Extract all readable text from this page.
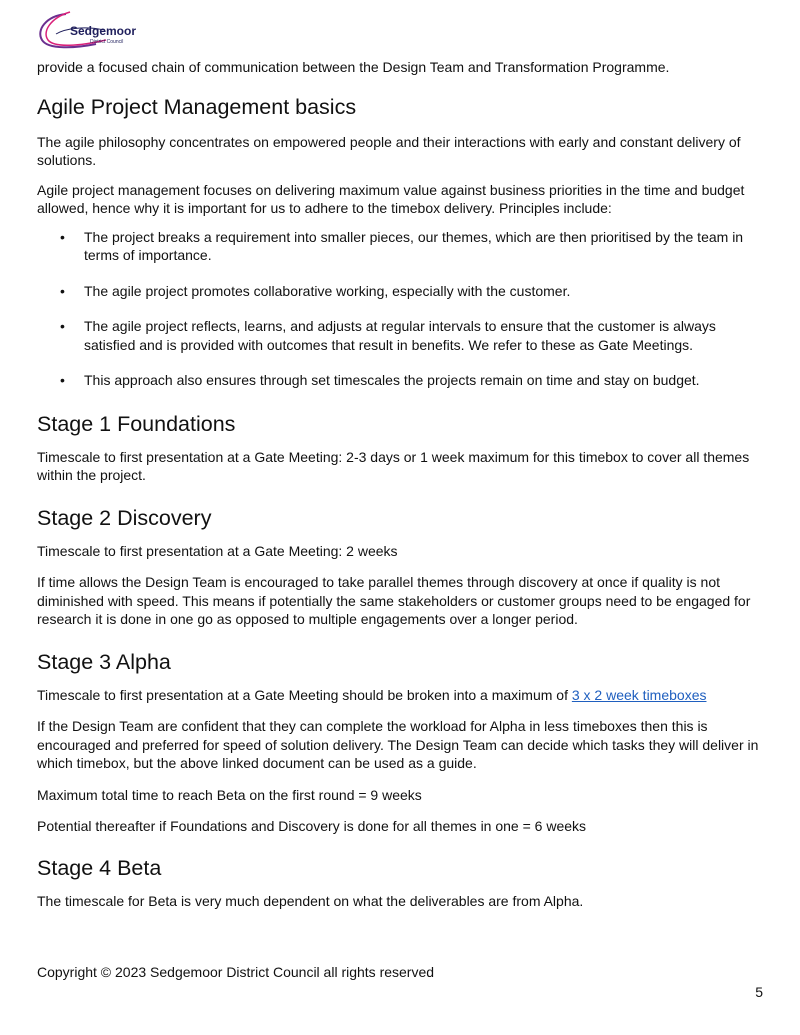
Sedgemoor
District Council

provide a focused chain of communication between the Design Team and Transformation Programme.

Agile Project Management basics

The agile philosophy concentrates on empowered people and their interactions with early and constant delivery of solutions.

Agile project management focuses on delivering maximum value against business priorities in the time and budget allowed, hence why it is important for us to adhere to the timebox delivery. Principles include:

• The project breaks a requirement into smaller pieces, our themes, which are then prioritised by the team in terms of importance.
• The agile project promotes collaborative working, especially with the customer.
• The agile project reflects, learns, and adjusts at regular intervals to ensure that the customer is always satisfied and is provided with outcomes that result in benefits. We refer to these as Gate Meetings.
• This approach also ensures through set timescales the projects remain on time and stay on budget.
Stage 1 Foundations

Timescale to first presentation at a Gate Meeting: 2-3 days or 1 week maximum for this timebox to cover all themes within the project.

Stage 2 Discovery

Timescale to first presentation at a Gate Meeting: 2 weeks

If time allows the Design Team is encouraged to take parallel themes through discovery at once if quality is not diminished with speed. This means if potentially the same stakeholders or customer groups need to be engaged for research it is done in one go as opposed to multiple engagements over a longer period.

Stage 3 Alpha

Timescale to first presentation at a Gate Meeting should be broken into a maximum of 3 x 2 week timeboxes

If the Design Team are confident that they can complete the workload for Alpha in less timeboxes then this is encouraged and preferred for speed of solution delivery. The Design Team can decide which tasks they will deliver in which timebox, but the above linked document can be used as a guide.

Maximum total time to reach Beta on the first round = 9 weeks

Potential thereafter if Foundations and Discovery is done for all themes in one = 6 weeks

Stage 4 Beta

The timescale for Beta is very much dependent on what the deliverables are from Alpha.

Copyright © 2023 Sedgemoor District Council all rights reserved
5
